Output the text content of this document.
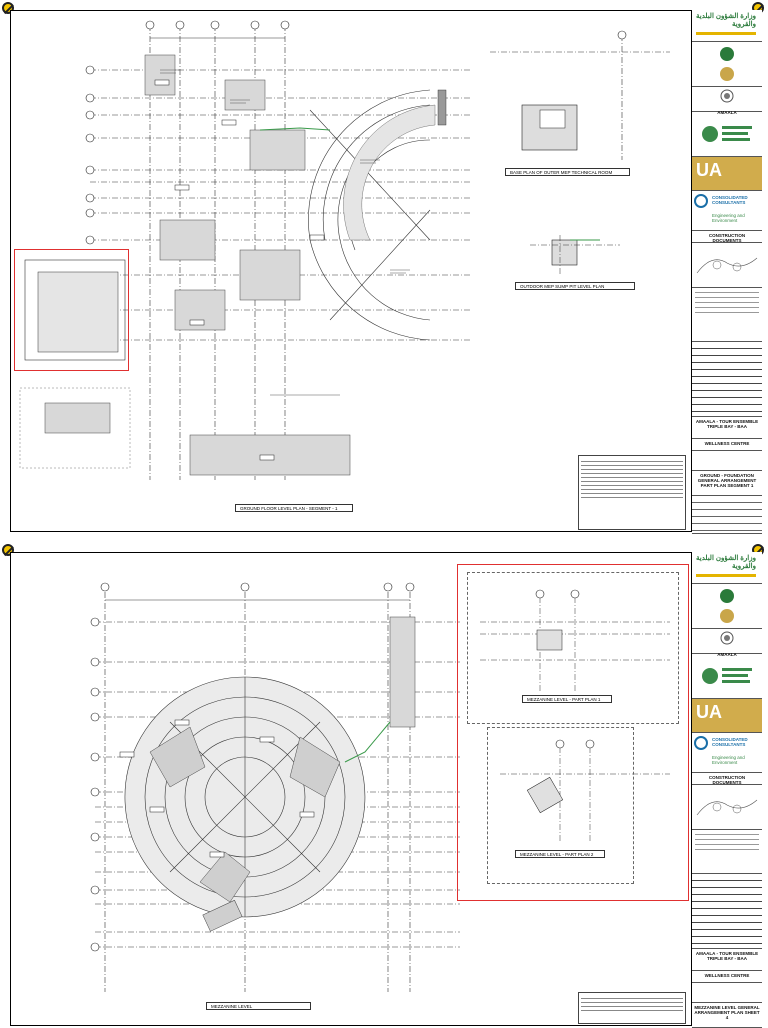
GROUND FLOOR LEVEL PLAN - SEGMENT - 1
BASE PLAN OF OUTER MEP TECHNICAL ROOM
OUTDOOR MEP SUMP PIT LEVEL PLAN
وزارة الشؤون البلدية والقروية
AMAALA
UA
CONSOLIDATED CONSULTANTS
Engineering and Environment
CONSTRUCTION DOCUMENTS
AMAALA - TOUR ENSEMBLE TRIPLE BAY - BAA
WELLNESS CENTRE
GROUND - FOUNDATION GENERAL ARRANGEMENT PART PLAN SEGMENT 1
MEZZANINE LEVEL
MEZZANINE LEVEL - PART PLAN 1
MEZZANINE LEVEL - PART PLAN 2
وزارة الشؤون البلدية والقروية
AMAALA
UA
CONSOLIDATED CONSULTANTS
Engineering and Environment
CONSTRUCTION DOCUMENTS
AMAALA - TOUR ENSEMBLE TRIPLE BAY - BAA
WELLNESS CENTRE
MEZZANINE LEVEL GENERAL ARRANGEMENT PLAN SHEET 4
